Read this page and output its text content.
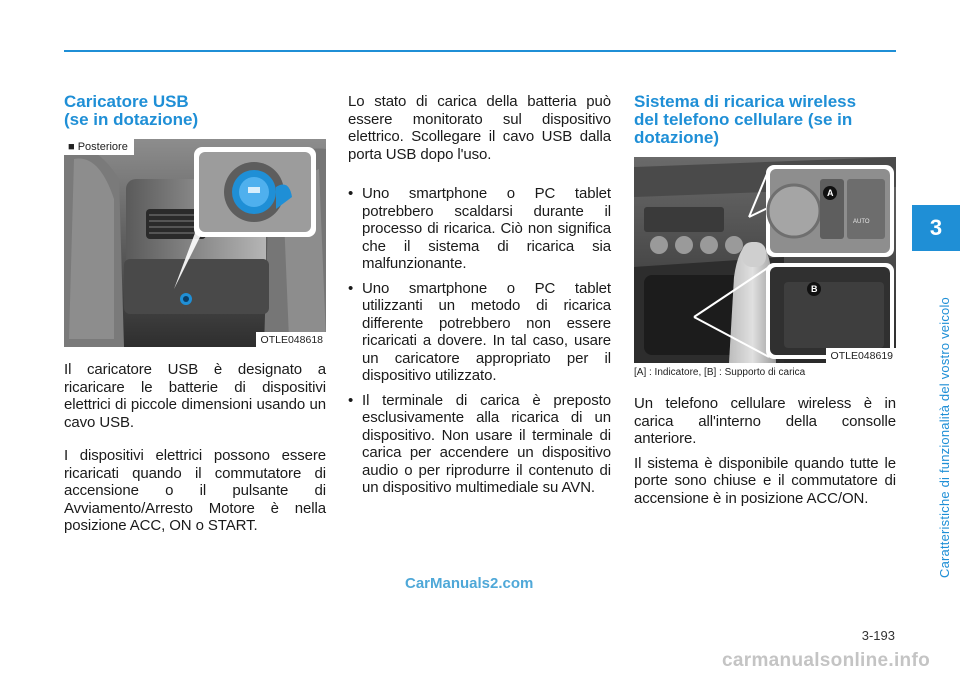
Caricatore USB
(se in dotazione)
■ Posteriore
OTLE048618

Il caricatore USB è designato a ricaricare le batterie di dispositivi elettrici di piccole dimensioni usando un cavo USB.

I dispositivi elettrici possono essere ricaricati quando il commutatore di accensione o il pulsante di Avviamento/Arresto Motore è nella posizione ACC, ON o START.

Lo stato di carica della batteria può essere monitorato sul dispositivo elettrico. Scollegare il cavo USB dalla porta USB dopo l'uso.

• Uno smartphone o PC tablet potrebbero scaldarsi durante il processo di ricarica. Ciò non significa che il sistema di ricarica sia malfunzionante.
• Uno smartphone o PC tablet utilizzanti un metodo di ricarica differente potrebbero non essere ricaricati a dovere. In tal caso, usare un caricatore appropriato per il dispositivo utilizzato.
• Il terminale di carica è preposto esclusivamente alla ricarica di un dispositivo. Non usare il terminale di carica per accendere un dispositivo audio o per riprodurre il contenuto di un dispositivo multimediale su AVN.
Sistema di ricarica wireless
del telefono cellulare (se in
dotazione)
AUTO
A
B
OTLE048619
[A] : Indicatore, [B] : Supporto di carica

Un telefono cellulare wireless è in carica all'interno della consolle anteriore.

Il sistema è disponibile quando tutte le porte sono chiuse e il commutatore di accensione è in posizione ACC/ON.

3
Caratteristiche di funzionalità del vostro veicolo
CarManuals2.com
3-193
carmanualsonline.info
